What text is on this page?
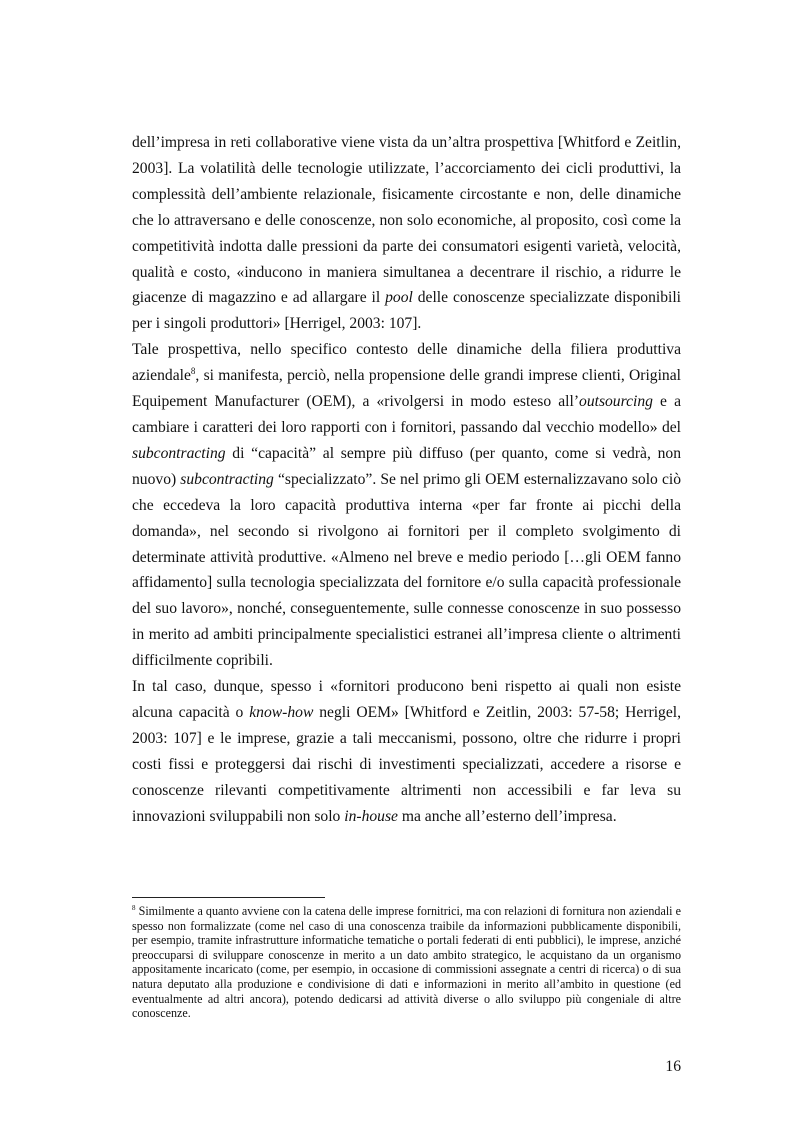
dell’impresa in reti collaborative viene vista da un’altra prospettiva [Whitford e Zeitlin, 2003]. La volatilità delle tecnologie utilizzate, l’accorciamento dei cicli produttivi, la complessità dell’ambiente relazionale, fisicamente circostante e non, delle dinamiche che lo attraversano e delle conoscenze, non solo economiche, al proposito, così come la competitività indotta dalle pressioni da parte dei consumatori esigenti varietà, velocità, qualità e costo, «inducono in maniera simultanea a decentrare il rischio, a ridurre le giacenze di magazzino e ad allargare il pool delle conoscenze specializzate disponibili per i singoli produttori» [Herrigel, 2003: 107].

Tale prospettiva, nello specifico contesto delle dinamiche della filiera produttiva aziendale$^8$, si manifesta, perciò, nella propensione delle grandi imprese clienti, Original Equipement Manufacturer (OEM), a «rivolgersi in modo esteso all’outsourcing e a cambiare i caratteri dei loro rapporti con i fornitori, passando dal vecchio modello» del subcontracting di “capacità” al sempre più diffuso (per quanto, come si vedrà, non nuovo) subcontracting “specializzato”. Se nel primo gli OEM esternalizzavano solo ciò che eccedeva la loro capacità produttiva interna «per far fronte ai picchi della domanda», nel secondo si rivolgono ai fornitori per il completo svolgimento di determinate attività produttive. «Almeno nel breve e medio periodo […gli OEM fanno affidamento] sulla tecnologia specializzata del fornitore e/o sulla capacità professionale del suo lavoro», nonché, conseguentemente, sulle connesse conoscenze in suo possesso in merito ad ambiti principalmente specialistici estranei all’impresa cliente o altrimenti difficilmente copribili.

In tal caso, dunque, spesso i «fornitori producono beni rispetto ai quali non esiste alcuna capacità o know-how negli OEM» [Whitford e Zeitlin, 2003: 57-58; Herrigel, 2003: 107] e le imprese, grazie a tali meccanismi, possono, oltre che ridurre i propri costi fissi e proteggersi dai rischi di investimenti specializzati, accedere a risorse e conoscenze rilevanti competitivamente altrimenti non accessibili e far leva su innovazioni sviluppabili non solo in-house ma anche all’esterno dell’impresa.

$^8$ Similmente a quanto avviene con la catena delle imprese fornitrici, ma con relazioni di fornitura non aziendali e spesso non formalizzate (come nel caso di una conoscenza traibile da informazioni pubblicamente disponibili, per esempio, tramite infrastrutture informatiche tematiche o portali federati di enti pubblici), le imprese, anziché preoccuparsi di sviluppare conoscenze in merito a un dato ambito strategico, le acquistano da un organismo appositamente incaricato (come, per esempio, in occasione di commissioni assegnate a centri di ricerca) o di sua natura deputato alla produzione e condivisione di dati e informazioni in merito all’ambito in questione (ed eventualmente ad altri ancora), potendo dedicarsi ad attività diverse o allo sviluppo più congeniale di altre conoscenze.

16
